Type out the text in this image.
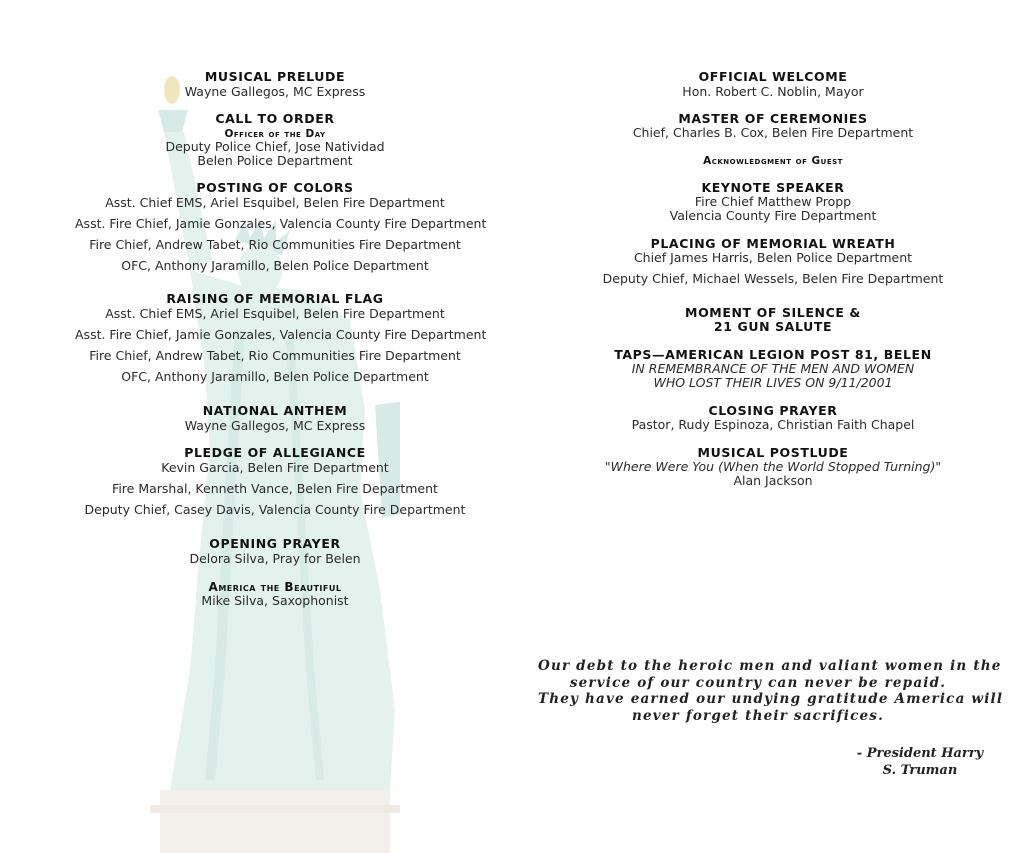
MUSICAL PRELUDE
Wayne Gallegos, MC Express
CALL TO ORDER
Officer of the Day
Deputy Police Chief, Jose Natividad
Belen Police Department
POSTING OF COLORS
Asst. Chief EMS, Ariel Esquibel, Belen Fire Department
Asst. Fire Chief, Jamie Gonzales, Valencia County Fire Department
Fire Chief, Andrew Tabet, Rio Communities Fire Department
OFC, Anthony Jaramillo, Belen Police Department
RAISING OF MEMORIAL FLAG
Asst. Chief EMS, Ariel Esquibel, Belen Fire Department
Asst. Fire Chief, Jamie Gonzales, Valencia County Fire Department
Fire Chief, Andrew Tabet, Rio Communities Fire Department
OFC, Anthony Jaramillo, Belen Police Department
NATIONAL ANTHEM
Wayne Gallegos, MC Express
PLEDGE OF ALLEGIANCE
Kevin Garcia, Belen Fire Department
Fire Marshal, Kenneth Vance, Belen Fire Department
Deputy Chief, Casey Davis, Valencia County Fire Department
OPENING PRAYER
Delora Silva, Pray for Belen
America the Beautiful
Mike Silva, Saxophonist
OFFICIAL WELCOME
Hon. Robert C. Noblin, Mayor
MASTER OF CEREMONIES
Chief, Charles B. Cox, Belen Fire Department
Acknowledgment of Guest
KEYNOTE SPEAKER
Fire Chief Matthew Propp
Valencia County Fire Department
PLACING OF MEMORIAL WREATH
Chief James Harris, Belen Police Department
Deputy Chief, Michael Wessels, Belen Fire Department
MOMENT OF SILENCE &
21 GUN SALUTE
TAPS—AMERICAN LEGION POST 81, BELEN
IN REMEMBRANCE OF THE MEN AND WOMEN
WHO LOST THEIR LIVES ON 9/11/2001
CLOSING PRAYER
Pastor, Rudy Espinoza, Christian Faith Chapel
MUSICAL POSTLUDE
"Where Were You (When the World Stopped Turning)"
Alan Jackson
Our debt to the heroic men and valiant women in the
service of our country can never be repaid.
They have earned our undying gratitude America will
never forget their sacrifices.
- President Harry
S. Truman
